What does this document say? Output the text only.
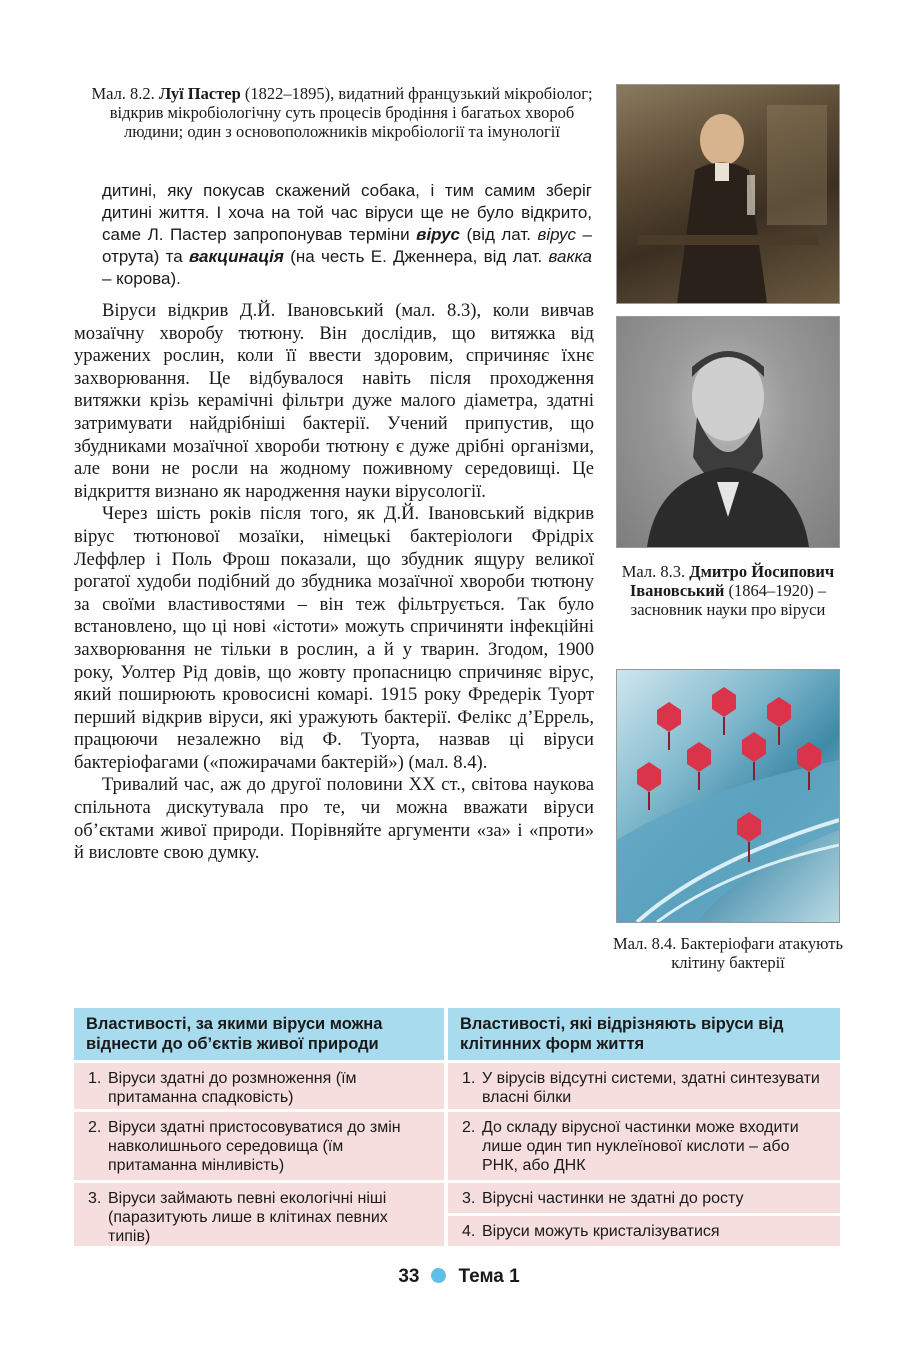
Мал. 8.2. Луї Пастер (1822–1895), видатний французький мікробіолог; відкрив мікробіологічну суть процесів бродіння і багатьох хвороб людини; один з основоположників мікробіології та імунології
дитині, яку покусав скажений собака, і тим самим зберіг дитині життя. І хоча на той час віруси ще не було відкрито, саме Л. Пастер запропонував терміни вірус (від лат. вірус – отрута) та вакцинація (на честь Е. Дженнера, від лат. вакка – корова).

Віруси відкрив Д.Й. Івановський (мал. 8.3), коли вивчав мозаїчну хворобу тютюну. Він дослідив, що витяжка від уражених рослин, коли її ввести здоровим, спричиняє їхнє захворювання. Це відбувалося навіть після проходження витяжки крізь керамічні фільтри дуже малого діаметра, здатні затримувати найдрібніші бактерії. Учений припустив, що збудниками мозаїчної хвороби тютюну є дуже дрібні організми, але вони не росли на жодному поживному середовищі. Це відкриття визнано як народження науки вірусології.

Через шість років після того, як Д.Й. Івановський відкрив вірус тютюнової мозаїки, німецькі бактеріологи Фрідріх Леффлер і Поль Фрош показали, що збудник ящуру великої рогатої худоби подібний до збудника мозаїчної хвороби тютюну за своїми властивостями – він теж фільтрується. Так було встановлено, що ці нові «істоти» можуть спричиняти інфекційні захворювання не тільки в рослин, а й у тварин. Згодом, 1900 року, Уолтер Рід довів, що жовту пропасницю спричиняє вірус, який поширюють кровосисні комарі. 1915 року Фредерік Туорт перший відкрив віруси, які уражують бактерії. Фелікс д’Еррель, працюючи незалежно від Ф. Туорта, назвав ці віруси бактеріофагами («пожирачами бактерій») (мал. 8.4).

Тривалий час, аж до другої половини XX ст., світова наукова спільнота дискутувала про те, чи можна вважати віруси об’єктами живої природи. Порівняйте аргументи «за» і «проти» й висловте свою думку.

Мал. 8.3. Дмитро Йосипович Івановський (1864–1920) – засновник науки про віруси
Мал. 8.4. Бактеріофаги атакують клітину бактерії
Властивості, за якими віруси можна віднести до об’єктів живої природи
Властивості, які відрізняють віруси від клітинних форм життя
1. Віруси здатні до розмноження (їм притаманна спадковість)
2. Віруси здатні пристосовуватися до змін навколишнього середовища (їм притаманна мінливість)
3. Віруси займають певні екологічні ніші (паразитують лише в клітинах певних типів)
1. У вірусів відсутні системи, здатні синтезувати власні білки
2. До складу вірусної частинки може входити лише один тип нуклеїнової кислоти – або РНК, або ДНК
3. Вірусні частинки не здатні до росту
4. Віруси можуть кристалізуватися
33 Тема 1
